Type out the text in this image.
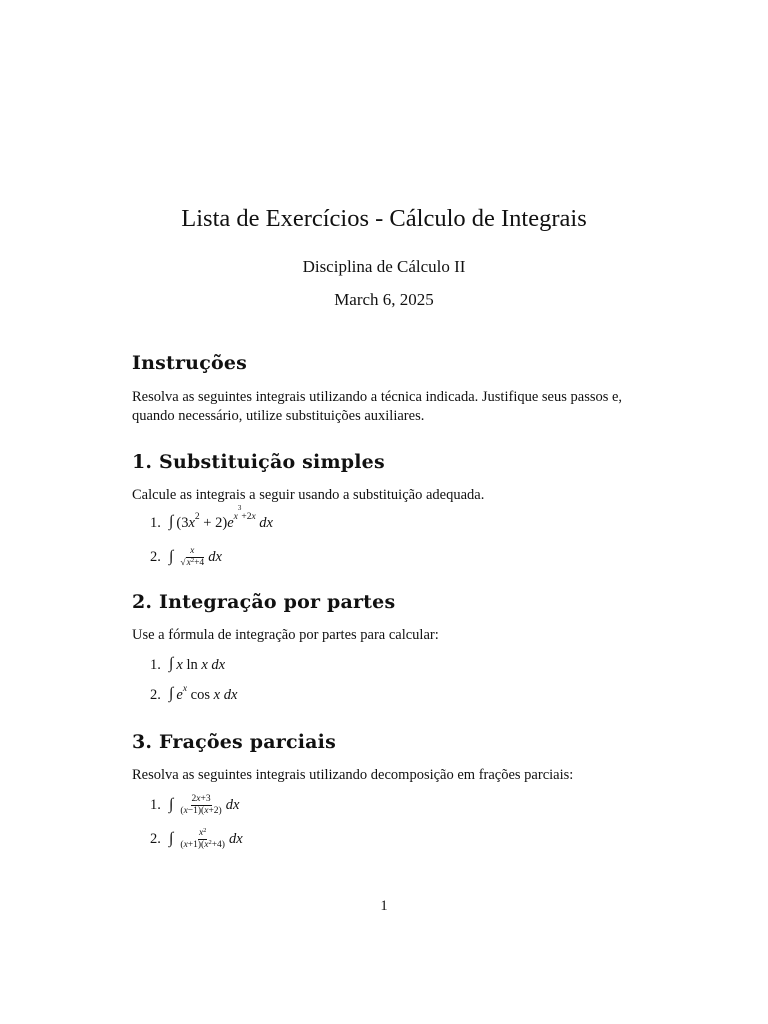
Lista de Exercícios - Cálculo de Integrais
Disciplina de Cálculo II
March 6, 2025
Instruções

Resolva as seguintes integrais utilizando a técnica indicada. Justifique seus passos e, quando necessário, utilize substituições auxiliares.

1. Substituição simples

Calcule as integrais a seguir usando a substituição adequada.

1. ∫ (3 $x^2 + 2$) e $^{x^3+2x}$
dx
2. ∫ $\frac{x}{√x^2+4}$ dx
2. Integração por partes

Use a fórmula de integração por partes para calcular:

1. ∫ x ln x
dx
2. ∫ e $^x$ cos x
dx
3. Frações parciais

Resolva as seguintes integrais utilizando decomposição em frações parciais:

1. ∫ $\frac{2x+3}{(x-1)(x+2)}$ dx
2. ∫ $\frac{x^2}{(x+1)(x^2+4)}$ dx
1
